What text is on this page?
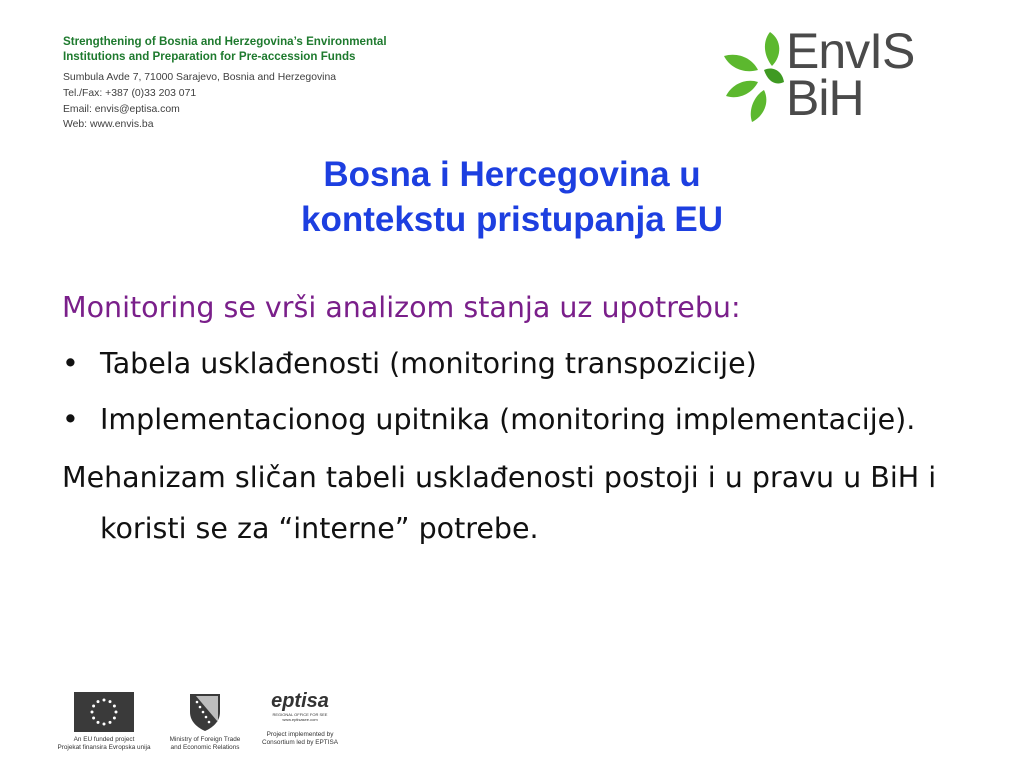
Strengthening of Bosnia and Herzegovina’s Environmental
Institutions and Preparation for Pre-accession Funds
Sumbula Avde 7, 71000 Sarajevo, Bosnia and Herzegovina
Tel./Fax: +387 (0)33 203 071
Email: envis@eptisa.com
Web: www.envis.ba
EnvIS
BiH
Bosna i Hercegovina u
kontekstu pristupanja EU
Monitoring se vrši analizom stanja uz upotrebu:
• Tabela usklađenosti (monitoring transpozicije)
• Implementacionog upitnika (monitoring implementacije).
Mehanizam sličan tabeli usklađenosti postoji i u pravu u BiH i koristi se za “interne” potrebe.
An EU funded project
Projekat finansira Evropska unija
Ministry of Foreign Trade
and Economic Relations
eptisa
REGIONAL OFFICE FOR SEE
www.eptisasee.com
Project implemented by
Consortium led by EPTISA
